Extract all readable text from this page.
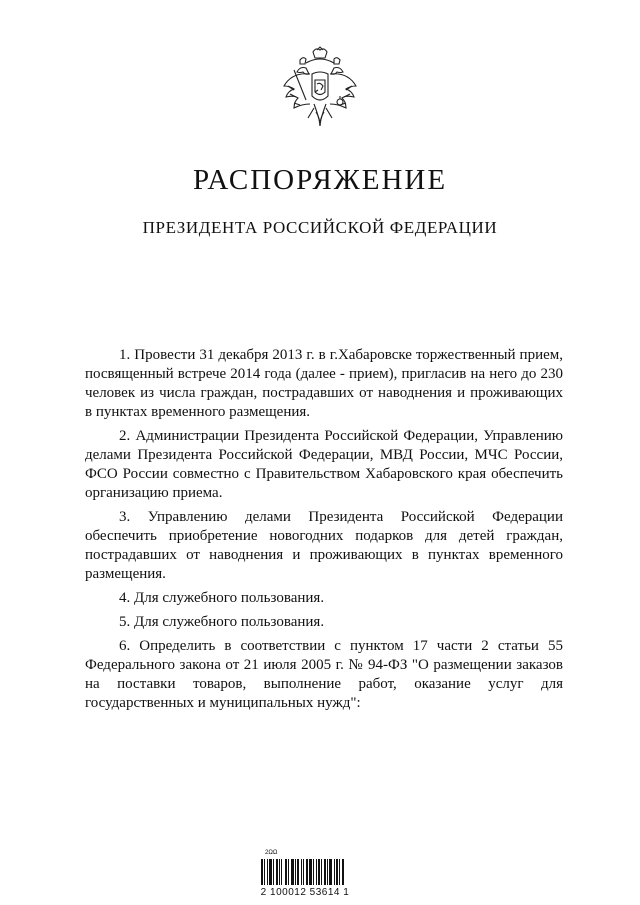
РАСПОРЯЖЕНИЕ
ПРЕЗИДЕНТА РОССИЙСКОЙ ФЕДЕРАЦИИ

1. Провести 31 декабря 2013 г. в г.Хабаровске торжественный прием, посвященный встрече 2014 года (далее - прием), пригласив на него до 230 человек из числа граждан, пострадавших от наводнения и проживающих в пунктах временного размещения.

2. Администрации Президента Российской Федерации, Управлению делами Президента Российской Федерации, МВД России, МЧС России, ФСО России совместно с Правительством Хабаровского края обеспечить организацию приема.

3. Управлению делами Президента Российской Федерации обеспечить приобретение новогодних подарков для детей граждан, пострадавших от наводнения и проживающих в пунктах временного размещения.

4. Для служебного пользования.

5. Для служебного пользования.

6. Определить в соответствии с пунктом 17 части 2 статьи 55 Федерального закона от 21 июля 2005 г. № 94-ФЗ "О размещении заказов на поставки товаров, выполнение работ, оказание услуг для государственных и муниципальных нужд":

2ΩΩ
2 100012 53614 1
